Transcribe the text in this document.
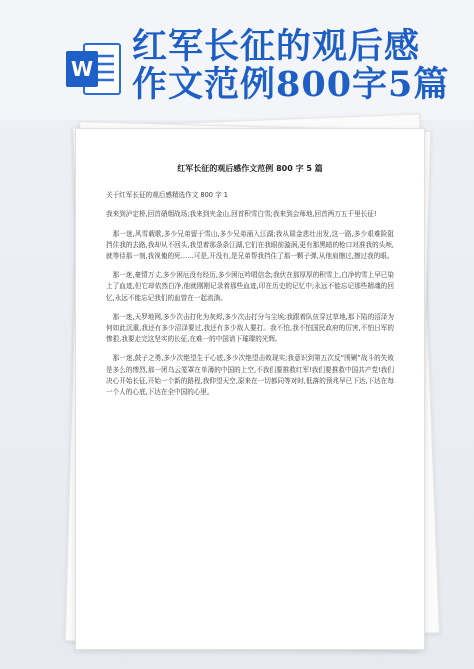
W
红军长征的观后感
作文范例800字5篇
红军长征的观后感作文范例 800 字 5 篇
关于红军长征的观后感精选作文 800 字 1
我来到泸定桥,回首硝烟战场;我来到夹金山,回首积雪白雪;我来到会师地,回首两万五千里长征!
那一迷,风雪载歌,多少兄弟留于雪山,多少兄弟涌入江湖;我从瑞金悲壮出发,这一路,多少艰难险阻挡住我的去路,我却从不回头,我望着那条条江湖,它们在我眼前漩涡,更有那黑暗的枪口对准我的头颅,就等待那一刻,我视俺的死……可是,开没有,是兄弟帮我挡住了那一颗子弹,从他肩擦过,擦过我的眼。
那一迷,豪情万丈,多少困厄没有经历,多少困厄吟唱信念;我伏在那厚厚的积雪上,白净的雪上早已染上了血迹,但它却依然白净,他就刚刚记录着那些血迹,印在历史的记忆中;永远不能忘记那些精魂的回忆,永远不能忘记我们的血曾在一起流淌。
那一迷,天罗地网,多少次击打化为灰烬,多少次击打分与尘埃;我跟着队伍穿过草地,那下陷的沼泽为何如此沉重,我还有多少沼泽要过,我还有多少敌人要打。我不怕,我不怕国民政府的厉害,不怕日军的惨狠,我要走完这坚实的长征,在难一的中国谱下璀璨的光辉。
那一迷,鼓子之勇,多少次绝望生于心底,多少次绝望击败现实;我意识到第五次反“围剿”战斗的失败是多么的惨烈,那一团乌云笼罩在单薄的中国的上空,不我们要推救红军!我们要推救中国共产党!我们决心开始长征,开始一个新的路程,我仰望天空,原来在一切都同等对时,低落的预兆早已下达,下达在每一个人的心底,下达在全中国的心里。
